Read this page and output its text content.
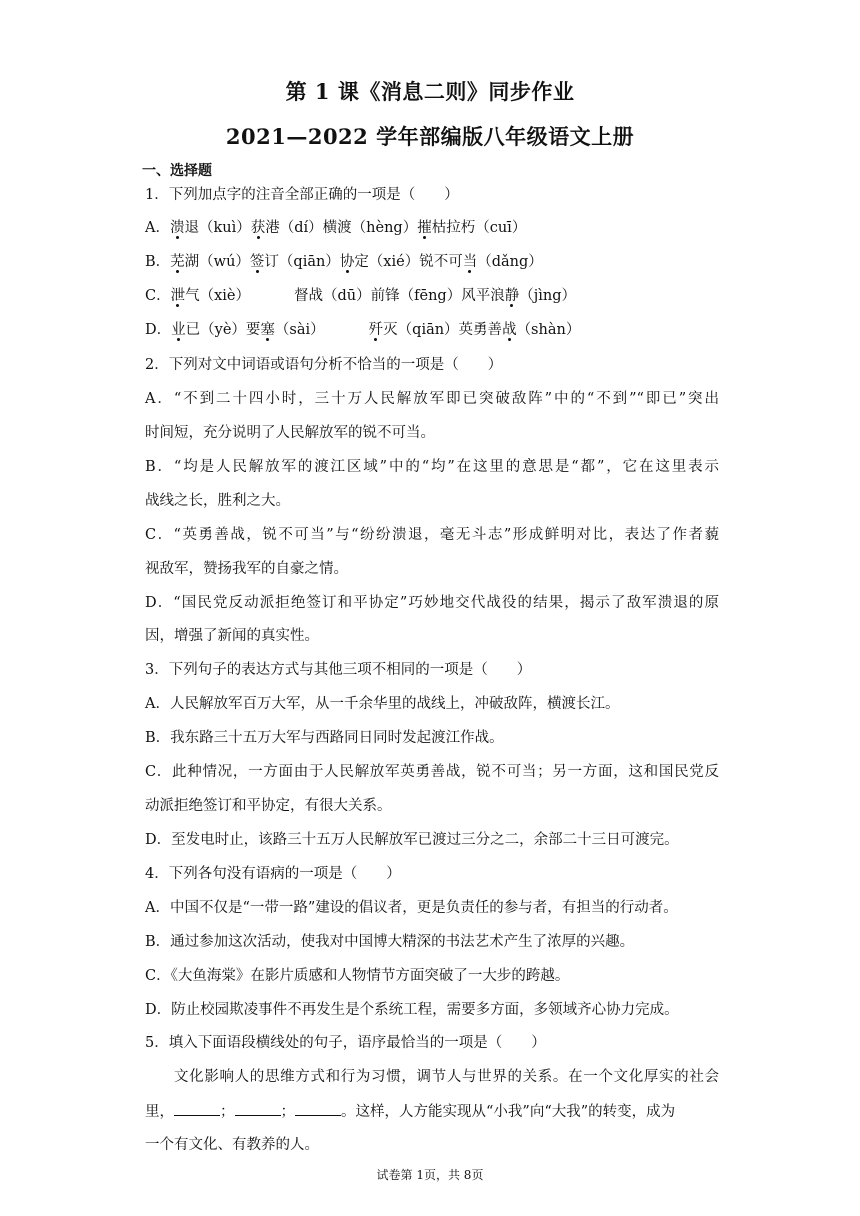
第 1 课《消息二则》同步作业
2021—2022 学年部编版八年级语文上册
一、选择题
1．下列加点字的注音全部正确的一项是（　　）
A．溃退（kuì）获港（dí）横渡（hèng）摧枯拉朽（cuī）
B．芜湖（wú）签订（qiān）协定（xié）锐不可当（dǎng）
C．泄气（xiè）	督战（dū）前锋（fēng）风平浪静（jìng）
D．业已（yè）要塞（sài）	歼灭（qiān）英勇善战（shàn）
2．下列对文中词语或语句分析不恰当的一项是（　　）
A．“不到二十四小时，三十万人民解放军即已突破敌阵”中的“不到”“即已”突出
时间短，充分说明了人民解放军的锐不可当。
B．“均是人民解放军的渡江区域”中的“均”在这里的意思是“都”，它在这里表示
战线之长，胜利之大。
C．“英勇善战，锐不可当”与“纷纷溃退，毫无斗志”形成鲜明对比，表达了作者藐
视敌军，赞扬我军的自豪之情。
D．“国民党反动派拒绝签订和平协定”巧妙地交代战役的结果，揭示了敌军溃退的原
因，增强了新闻的真实性。
3．下列句子的表达方式与其他三项不相同的一项是（　　）
A．人民解放军百万大军，从一千余华里的战线上，冲破敌阵，横渡长江。
B．我东路三十五万大军与西路同日同时发起渡江作战。
C．此种情况，一方面由于人民解放军英勇善战，锐不可当；另一方面，这和国民党反
动派拒绝签订和平协定，有很大关系。
D．至发电时止，该路三十五万人民解放军已渡过三分之二，余部二十三日可渡完。
4．下列各句没有语病的一项是（　　）
A．中国不仅是“一带一路”建设的倡议者，更是负责任的参与者，有担当的行动者。
B．通过参加这次活动，使我对中国博大精深的书法艺术产生了浓厚的兴趣。
C．《大鱼海棠》在影片质感和人物情节方面突破了一大步的跨越。
D．防止校园欺凌事件不再发生是个系统工程，需要多方面，多领域齐心协力完成。
5．填入下面语段横线处的句子，语序最恰当的一项是（　　）
文化影响人的思维方式和行为习惯，调节人与世界的关系。在一个文化厚实的社会
里，	；	；	。这样，人方能实现从“小我”向“大我”的转变，成为
一个有文化、有教养的人。
试卷第 1页，共 8页
